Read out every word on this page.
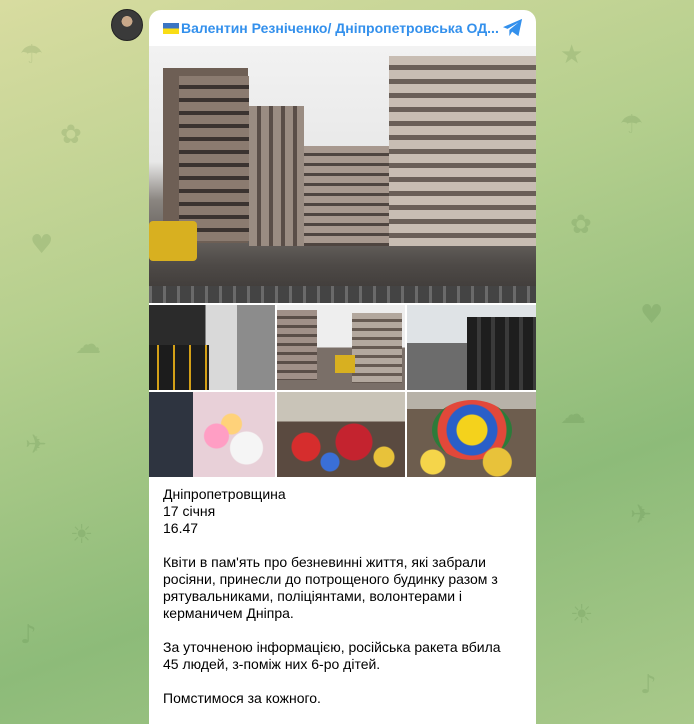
☂
✿
♥
☁
✈
☀
♪
★
☂
✿
♥
☁
✈
☀
♪
Валентин Резніченко/ Дніпропетровська ОД...

Дніпропетровщина

17 січня

16.47

Квіти в пам'ять про безневинні життя, які забрали

росіяни, принесли до потрощеного будинку разом з

рятувальниками, поліціянтами, волонтерами і

керманичем Дніпра.

За уточненою інформацією, російська ракета вбила

45 людей, з-поміж них 6-ро дітей.

Помстимося за кожного.
